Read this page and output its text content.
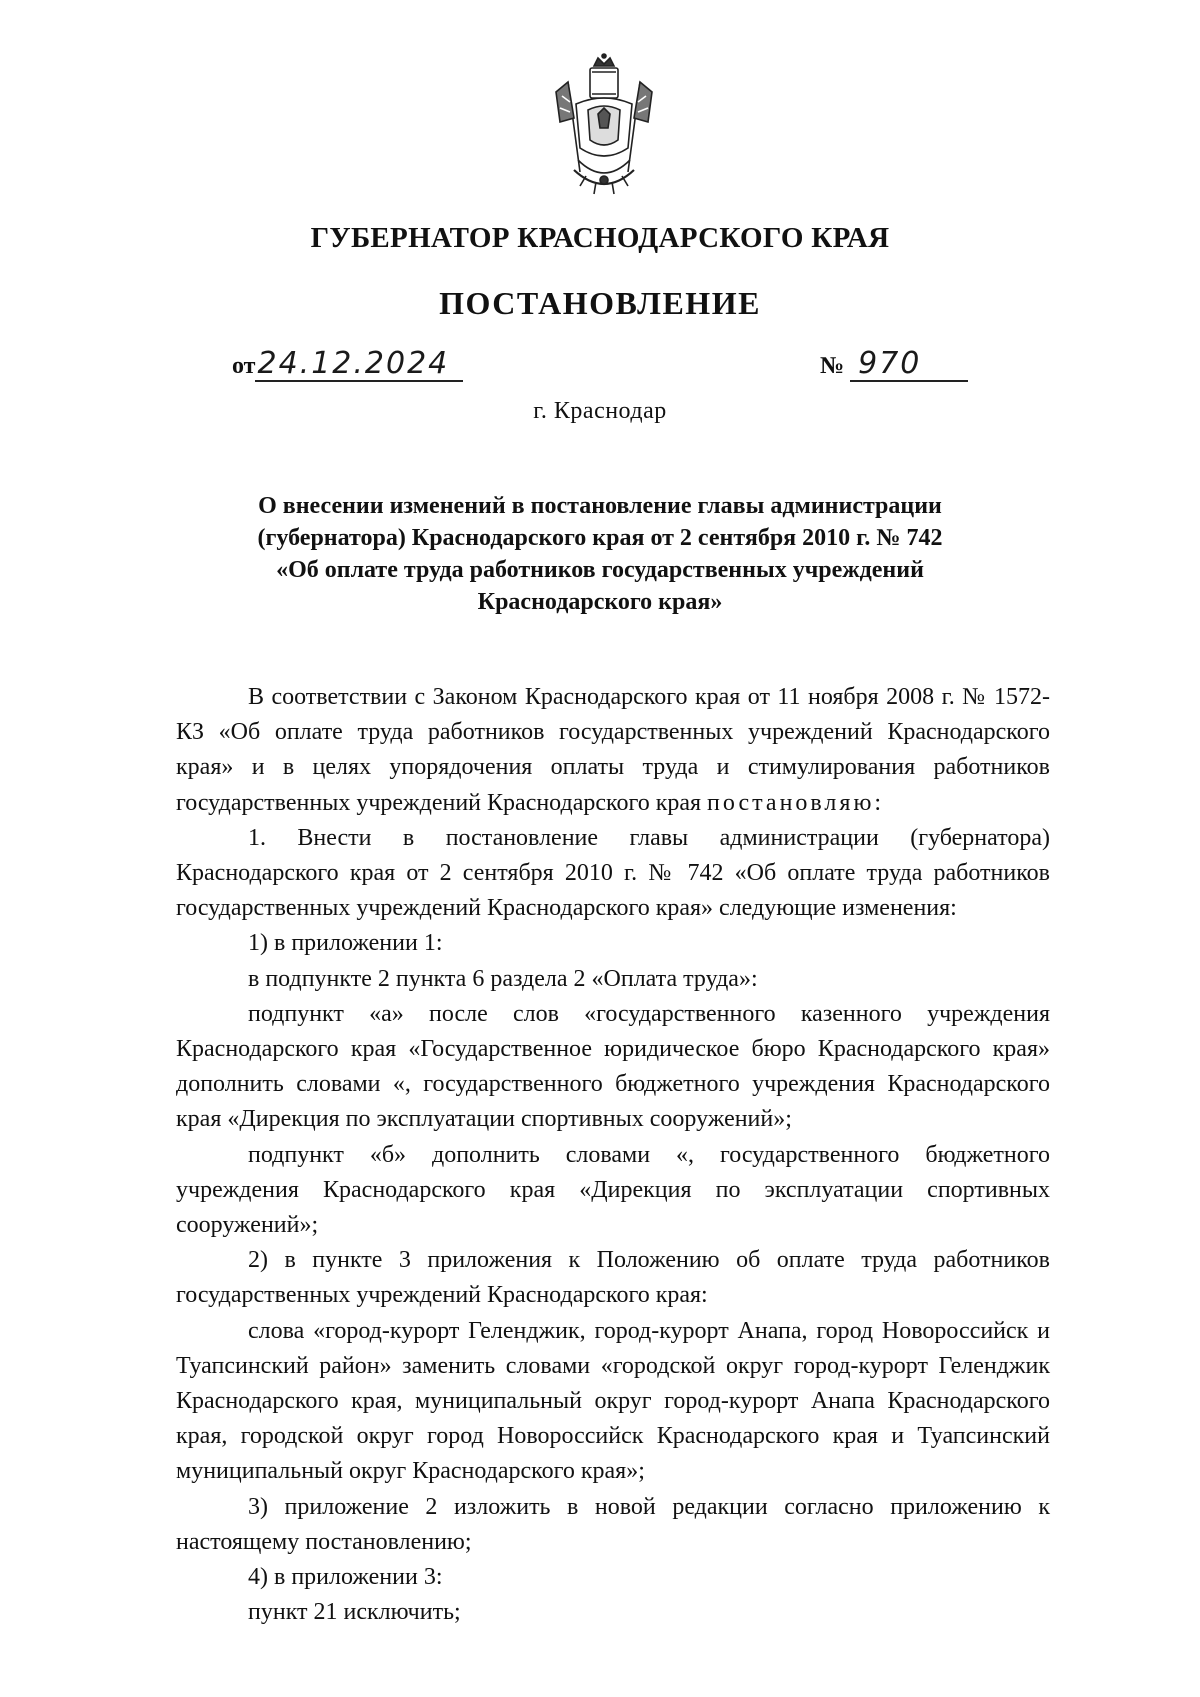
ГУБЕРНАТОР КРАСНОДАРСКОГО КРАЯ
ПОСТАНОВЛЕНИЕ
от24.12.2024	№ 970
г. Краснодар
О внесении изменений в постановление главы администрации
(губернатора) Краснодарского края от 2 сентября 2010 г. № 742
«Об оплате труда работников государственных учреждений
Краснодарского края»

В соответствии с Законом Краснодарского края от 11 ноября 2008 г. № 1572-КЗ «Об оплате труда работников государственных учреждений Краснодарского края» и в целях упорядочения оплаты труда и стимулирования работников государственных учреждений Краснодарского края постановляю:

1. Внести в постановление главы администрации (губернатора) Краснодарского края от 2 сентября 2010 г. № 742 «Об оплате труда работников государственных учреждений Краснодарского края» следующие изменения:

1) в приложении 1:

в подпункте 2 пункта 6 раздела 2 «Оплата труда»:

подпункт «а» после слов «государственного казенного учреждения Краснодарского края «Государственное юридическое бюро Краснодарского края» дополнить словами «, государственного бюджетного учреждения Краснодарского края «Дирекция по эксплуатации спортивных сооружений»;

подпункт «б» дополнить словами «, государственного бюджетного учреждения Краснодарского края «Дирекция по эксплуатации спортивных сооружений»;

2) в пункте 3 приложения к Положению об оплате труда работников государственных учреждений Краснодарского края:

слова «город-курорт Геленджик, город-курорт Анапа, город Новороссийск и Туапсинский район» заменить словами «городской округ город-курорт Геленджик Краснодарского края, муниципальный округ город-курорт Анапа Краснодарского края, городской округ город Новороссийск Краснодарского края и Туапсинский муниципальный округ Краснодарского края»;

3) приложение 2 изложить в новой редакции согласно приложению к настоящему постановлению;

4) в приложении 3:

пункт 21 исключить;
